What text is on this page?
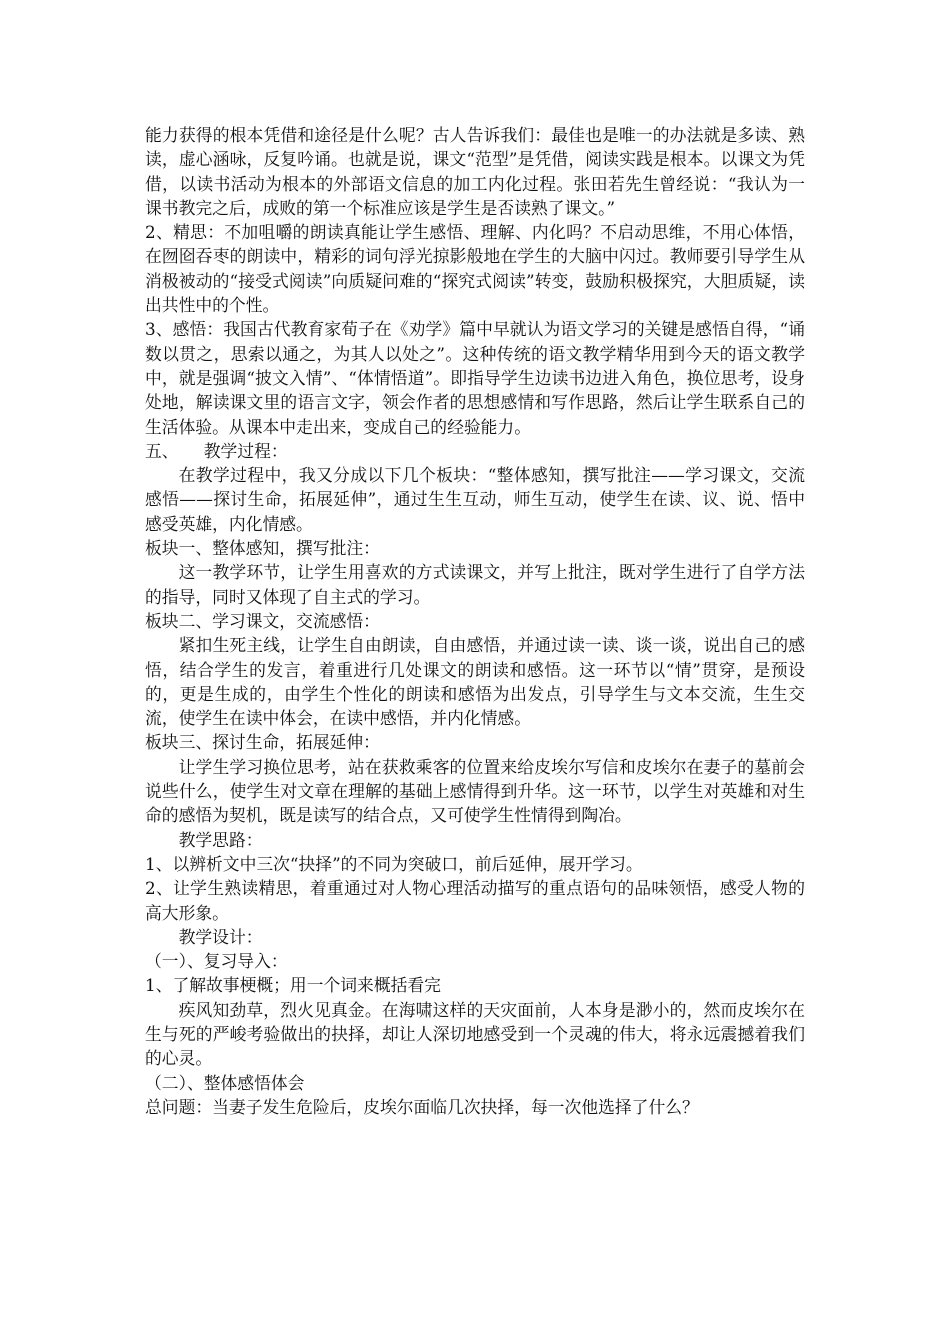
能力获得的根本凭借和途径是什么呢？古人告诉我们：最佳也是唯一的办法就是多读、熟读，虚心涵咏，反复吟诵。也就是说，课文“范型”是凭借，阅读实践是根本。以课文为凭借，以读书活动为根本的外部语文信息的加工内化过程。张田若先生曾经说：“我认为一课书教完之后，成败的第一个标准应该是学生是否读熟了课文。”

2、精思：不加咀嚼的朗读真能让学生感悟、理解、内化吗？不启动思维，不用心体悟，在囫囵吞枣的朗读中，精彩的词句浮光掠影般地在学生的大脑中闪过。教师要引导学生从消极被动的“接受式阅读”向质疑问难的“探究式阅读”转变，鼓励积极探究，大胆质疑，读出共性中的个性。

3、感悟：我国古代教育家荀子在《劝学》篇中早就认为语文学习的关键是感悟自得，“诵数以贯之，思索以通之，为其人以处之”。这种传统的语文教学精华用到今天的语文教学中，就是强调“披文入情”、“体情悟道”。即指导学生边读书边进入角色，换位思考，设身处地，解读课文里的语言文字，领会作者的思想感情和写作思路，然后让学生联系自己的生活体验。从课本中走出来，变成自己的经验能力。

五、　　教学过程：

在教学过程中，我又分成以下几个板块：“整体感知，撰写批注——学习课文，交流感悟——探讨生命，拓展延伸”，通过生生互动，师生互动，使学生在读、议、说、悟中感受英雄，内化情感。

板块一、整体感知，撰写批注：

这一教学环节，让学生用喜欢的方式读课文，并写上批注，既对学生进行了自学方法的指导，同时又体现了自主式的学习。

板块二、学习课文，交流感悟：

紧扣生死主线，让学生自由朗读，自由感悟，并通过读一读、谈一谈，说出自己的感悟，结合学生的发言，着重进行几处课文的朗读和感悟。这一环节以“情”贯穿，是预设的，更是生成的，由学生个性化的朗读和感悟为出发点，引导学生与文本交流，生生交流，使学生在读中体会，在读中感悟，并内化情感。

板块三、探讨生命，拓展延伸：

让学生学习换位思考，站在获救乘客的位置来给皮埃尔写信和皮埃尔在妻子的墓前会说些什么，使学生对文章在理解的基础上感情得到升华。这一环节，以学生对英雄和对生命的感悟为契机，既是读写的结合点，又可使学生性情得到陶冶。

教学思路：

1、以辨析文中三次“抉择”的不同为突破口，前后延伸，展开学习。

2、让学生熟读精思，着重通过对人物心理活动描写的重点语句的品味领悟，感受人物的高大形象。

教学设计：

（一）、复习导入：

1、了解故事梗概；用一个词来概括看完

疾风知劲草，烈火见真金。在海啸这样的天灾面前，人本身是渺小的，然而皮埃尔在生与死的严峻考验做出的抉择，却让人深切地感受到一个灵魂的伟大，将永远震撼着我们的心灵。

（二）、整体感悟体会

总问题：当妻子发生危险后，皮埃尔面临几次抉择，每一次他选择了什么？
